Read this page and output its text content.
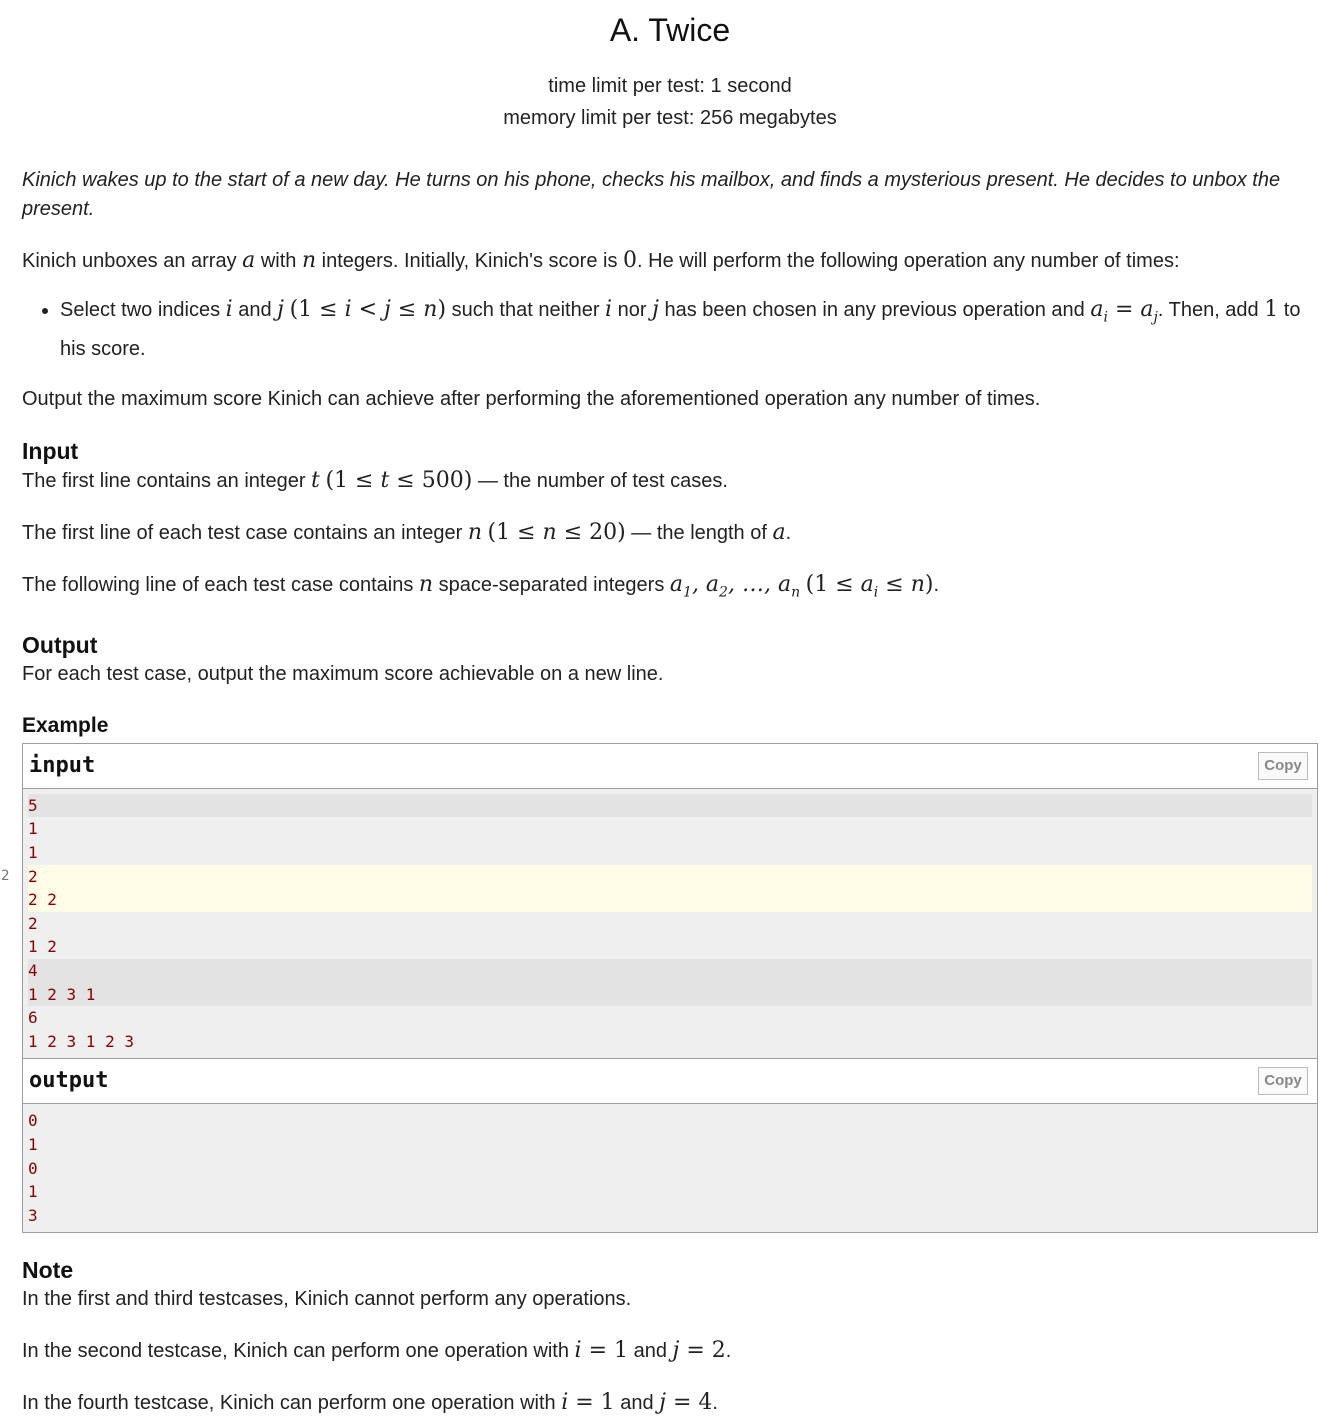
A. Twice
time limit per test: 1 second
memory limit per test: 256 megabytes

Kinich wakes up to the start of a new day. He turns on his phone, checks his mailbox, and finds a mysterious present. He decides to unbox the present.

Kinich unboxes an array a with n integers. Initially, Kinich's score is 0. He will perform the following operation any number of times:

• Select two indices i and j (1 ≤ i < j ≤ n) such that neither i nor j has been chosen in any previous operation and $a_i = a_j$. Then, add 1 to his score.

Output the maximum score Kinich can achieve after performing the aforementioned operation any number of times.

Input

The first line contains an integer t (1 ≤ t ≤ 500) — the number of test cases.

The first line of each test case contains an integer n (1 ≤ n ≤ 20) — the length of a.

The following line of each test case contains n space-separated integers $a_1$, $a_2$, …, $a_n$ $(1 \le a_i \le n)$.

Output

For each test case, output the maximum score achievable on a new line.

Example
input	Copy
5
1
1
2
2
2 2
2
1 2
4
1 2 3 1
6
1 2 3 1 2 3
output	Copy
0
1
0
1
3
Note

In the first and third testcases, Kinich cannot perform any operations.

In the second testcase, Kinich can perform one operation with i = 1 and j = 2.

In the fourth testcase, Kinich can perform one operation with i = 1 and j = 4.
